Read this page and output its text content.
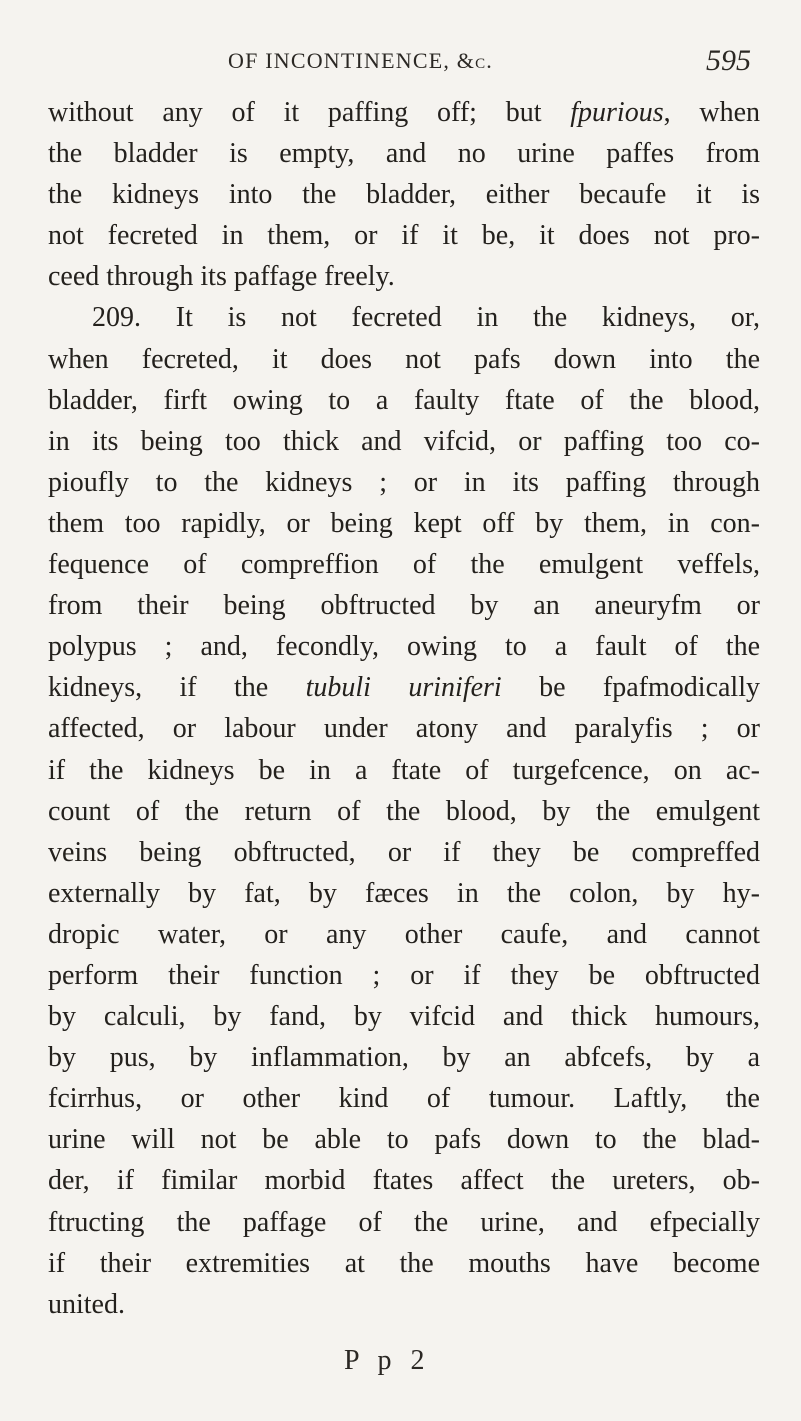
OF INCONTINENCE, &c.	595
without any of it paffing off; but fpurious, when
the bladder is empty, and no urine paffes from
the kidneys into the bladder, either becaufe it is
not fecreted in them, or if it be, it does not pro-
ceed through its paffage freely.
209. It is not fecreted in the kidneys, or,
when fecreted, it does not pafs down into the
bladder, firft owing to a faulty ftate of the blood,
in its being too thick and vifcid, or paffing too co-
pioufly to the kidneys ; or in its paffing through
them too rapidly, or being kept off by them, in con-
fequence of compreffion of the emulgent veffels,
from their being obftructed by an aneuryfm or
polypus ; and, fecondly, owing to a fault of the
kidneys, if the tubuli uriniferi be fpafmodically
affected, or labour under atony and paralyfis ; or
if the kidneys be in a ftate of turgefcence, on ac-
count of the return of the blood, by the emulgent
veins being obftructed, or if they be compreffed
externally by fat, by fæces in the colon, by hy-
dropic water, or any other caufe, and cannot
perform their function ; or if they be obftructed
by calculi, by fand, by vifcid and thick humours,
by pus, by inflammation, by an abfcefs, by a
fcirrhus, or other kind of tumour. Laftly, the
urine will not be able to pafs down to the blad-
der, if fimilar morbid ftates affect the ureters, ob-
ftructing the paffage of the urine, and efpecially
if their extremities at the mouths have become
united.
P p 2
